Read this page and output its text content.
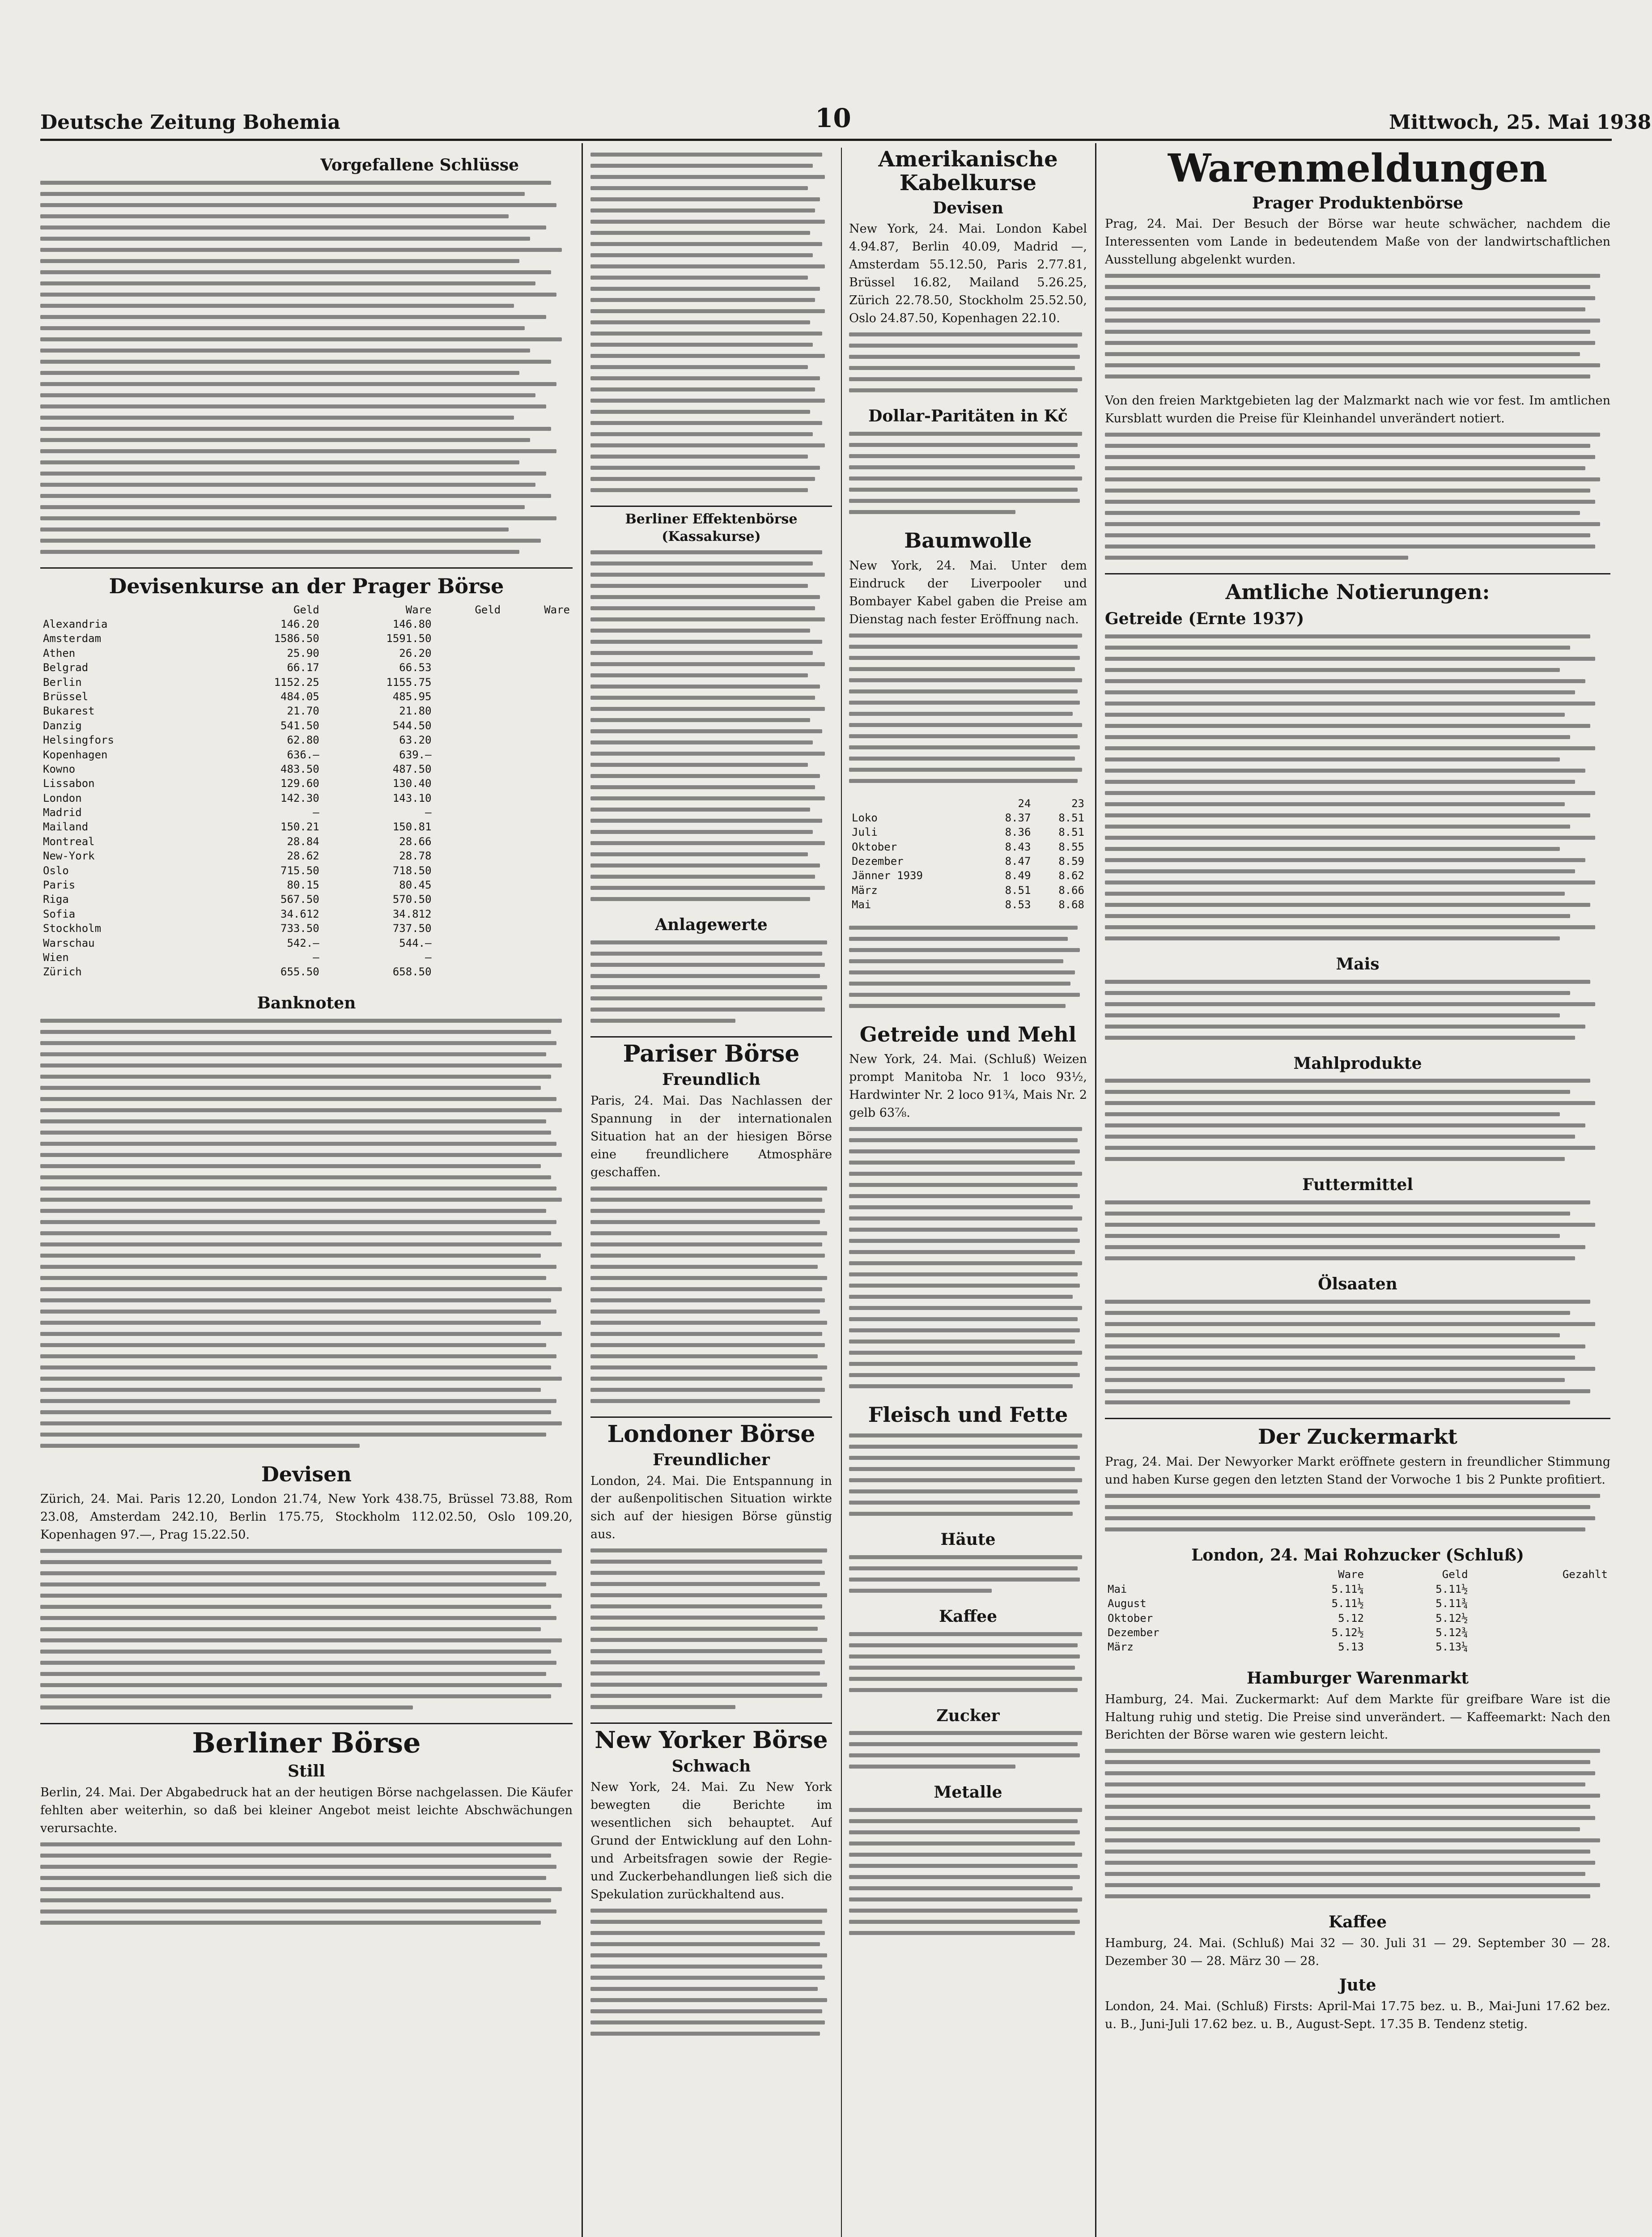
Deutsche Zeitung Bohemia	10	Mittwoch, 25. Mai 1938
Vorgefallene Schlüsse
Devisenkurse an der Prager Börse
	Geld	Ware	Geld	Ware
Alexandria	146.20	146.80		
Amsterdam	1586.50	1591.50		
Athen	25.90	26.20		
Belgrad	66.17	66.53		
Berlin	1152.25	1155.75		
Brüssel	484.05	485.95		
Bukarest	21.70	21.80		
Danzig	541.50	544.50		
Helsingfors	62.80	63.20		
Kopenhagen	636.—	639.—		
Kowno	483.50	487.50		
Lissabon	129.60	130.40		
London	142.30	143.10		
Madrid	—	—		
Mailand	150.21	150.81		
Montreal	28.84	28.66		
New-York	28.62	28.78		
Oslo	715.50	718.50		
Paris	80.15	80.45		
Riga	567.50	570.50		
Sofia	34.612	34.812		
Stockholm	733.50	737.50		
Warschau	542.—	544.—		
Wien	—	—		
Zürich	655.50	658.50		
Banknoten
Devisen
Zürich, 24. Mai. Paris 12.20, London 21.74, New York 438.75, Brüssel 73.88, Rom 23.08, Amsterdam 242.10, Berlin 175.75, Stockholm 112.02.50, Oslo 109.20, Kopenhagen 97.—, Prag 15.22.50.
Berliner Börse
Still
Berlin, 24. Mai. Der Abgabedruck hat an der heutigen Börse nachgelassen. Die Käufer fehlten aber weiterhin, so daß bei kleiner Angebot meist leichte Abschwächungen verursachte.
Berliner Effektenbörse (Kassakurse)
Anlagewerte
Pariser Börse
Freundlich
Paris, 24. Mai. Das Nachlassen der Spannung in der internationalen Situation hat an der hiesigen Börse eine freundlichere Atmosphäre geschaffen.
Londoner Börse
Freundlicher
London, 24. Mai. Die Entspannung in der außenpolitischen Situation wirkte sich auf der hiesigen Börse günstig aus.
New Yorker Börse
Schwach
New York, 24. Mai. Zu New York bewegten die Berichte im wesentlichen sich behauptet. Auf Grund der Entwicklung auf den Lohn- und Arbeitsfragen sowie der Regie- und Zuckerbehandlungen ließ sich die Spekulation zurückhaltend aus.
Amerikanische Kabelkurse
Devisen
New York, 24. Mai. London Kabel 4.94.87, Berlin 40.09, Madrid —, Amsterdam 55.12.50, Paris 2.77.81, Brüssel 16.82, Mailand 5.26.25, Zürich 22.78.50, Stockholm 25.52.50, Oslo 24.87.50, Kopenhagen 22.10.
Dollar-Paritäten in Kč
Baumwolle
New York, 24. Mai. Unter dem Eindruck der Liverpooler und Bombayer Kabel gaben die Preise am Dienstag nach fester Eröffnung nach.
	24	23
Loko	8.37	8.51
Juli	8.36	8.51
Oktober	8.43	8.55
Dezember	8.47	8.59
Jänner 1939	8.49	8.62
März	8.51	8.66
Mai	8.53	8.68
Getreide und Mehl
New York, 24. Mai. (Schluß) Weizen prompt Manitoba Nr. 1 loco 93½, Hardwinter Nr. 2 loco 91¾, Mais Nr. 2 gelb 63⅞.
Fleisch und Fette
Häute
Kaffee
Zucker
Metalle
Warenmeldungen
Prager Produktenbörse
Prag, 24. Mai. Der Besuch der Börse war heute schwächer, nachdem die Interessenten vom Lande in bedeutendem Maße von der landwirtschaftlichen Ausstellung abgelenkt wurden.
Von den freien Marktgebieten lag der Malzmarkt nach wie vor fest. Im amtlichen Kursblatt wurden die Preise für Kleinhandel unverändert notiert.
Amtliche Notierungen:
Getreide (Ernte 1937)
Mais
Mahlprodukte
Futtermittel
Ölsaaten
Der Zuckermarkt
Prag, 24. Mai. Der Newyorker Markt eröffnete gestern in freundlicher Stimmung und haben Kurse gegen den letzten Stand der Vorwoche 1 bis 2 Punkte profitiert.
London, 24. Mai Rohzucker (Schluß)
	Ware	Geld	Gezahlt
Mai	5.11¼	5.11½	
August	5.11½	5.11¾	
Oktober	5.12	5.12½	
Dezember	5.12½	5.12¾	
März	5.13	5.13¼	
Hamburger Warenmarkt
Hamburg, 24. Mai. Zuckermarkt: Auf dem Markte für greifbare Ware ist die Haltung ruhig und stetig. Die Preise sind unverändert. — Kaffeemarkt: Nach den Berichten der Börse waren wie gestern leicht.
Kaffee
Hamburg, 24. Mai. (Schluß) Mai 32 — 30. Juli 31 — 29. September 30 — 28. Dezember 30 — 28. März 30 — 28.
Jute
London, 24. Mai. (Schluß) Firsts: April-Mai 17.75 bez. u. B., Mai-Juni 17.62 bez. u. B., Juni-Juli 17.62 bez. u. B., August-Sept. 17.35 B. Tendenz stetig.
